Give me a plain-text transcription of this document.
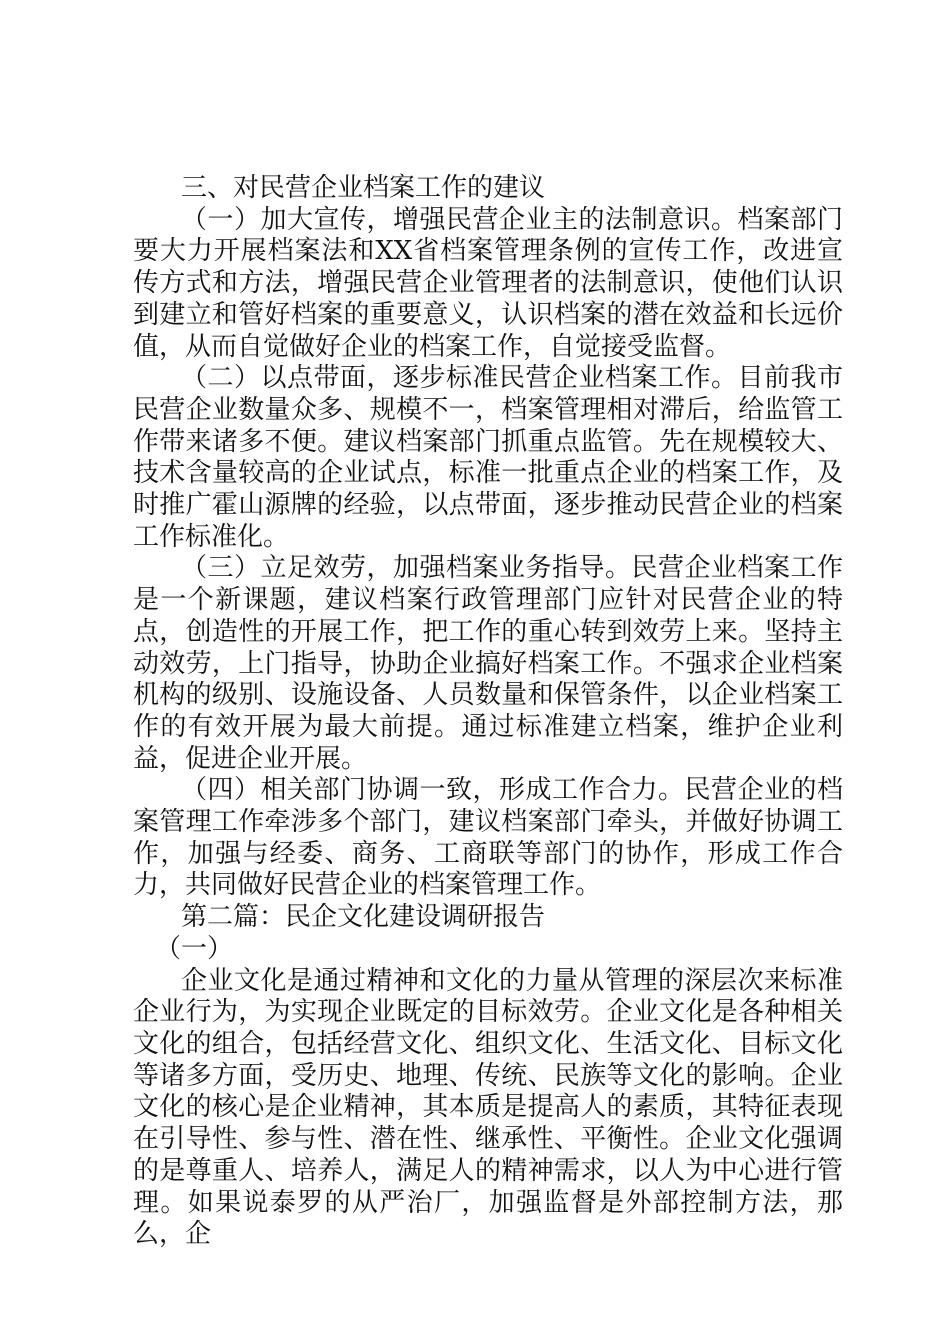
三、对民营企业档案工作的建议

（一）加大宣传，增强民营企业主的法制意识。档案部门要大力开展档案法和XX省档案管理条例的宣传工作，改进宣传方式和方法，增强民营企业管理者的法制意识，使他们认识到建立和管好档案的重要意义，认识档案的潜在效益和长远价值，从而自觉做好企业的档案工作，自觉接受监督。

（二）以点带面，逐步标准民营企业档案工作。目前我市民营企业数量众多、规模不一，档案管理相对滞后，给监管工作带来诸多不便。建议档案部门抓重点监管。先在规模较大、技术含量较高的企业试点，标准一批重点企业的档案工作，及时推广霍山源牌的经验，以点带面，逐步推动民营企业的档案工作标准化。

（三）立足效劳，加强档案业务指导。民营企业档案工作是一个新课题，建议档案行政管理部门应针对民营企业的特点，创造性的开展工作，把工作的重心转到效劳上来。坚持主动效劳，上门指导，协助企业搞好档案工作。不强求企业档案机构的级别、设施设备、人员数量和保管条件，以企业档案工作的有效开展为最大前提。通过标准建立档案，维护企业利益，促进企业开展。

（四）相关部门协调一致，形成工作合力。民营企业的档案管理工作牵涉多个部门，建议档案部门牵头，并做好协调工作，加强与经委、商务、工商联等部门的协作，形成工作合力，共同做好民营企业的档案管理工作。

第二篇：民企文化建设调研报告

（一）

企业文化是通过精神和文化的力量从管理的深层次来标准企业行为，为实现企业既定的目标效劳。企业文化是各种相关文化的组合，包括经营文化、组织文化、生活文化、目标文化等诸多方面，受历史、地理、传统、民族等文化的影响。企业文化的核心是企业精神，其本质是提高人的素质，其特征表现在引导性、参与性、潜在性、继承性、平衡性。企业文化强调的是尊重人、培养人，满足人的精神需求，以人为中心进行管理。如果说泰罗的从严治厂，加强监督是外部控制方法，那么，企
